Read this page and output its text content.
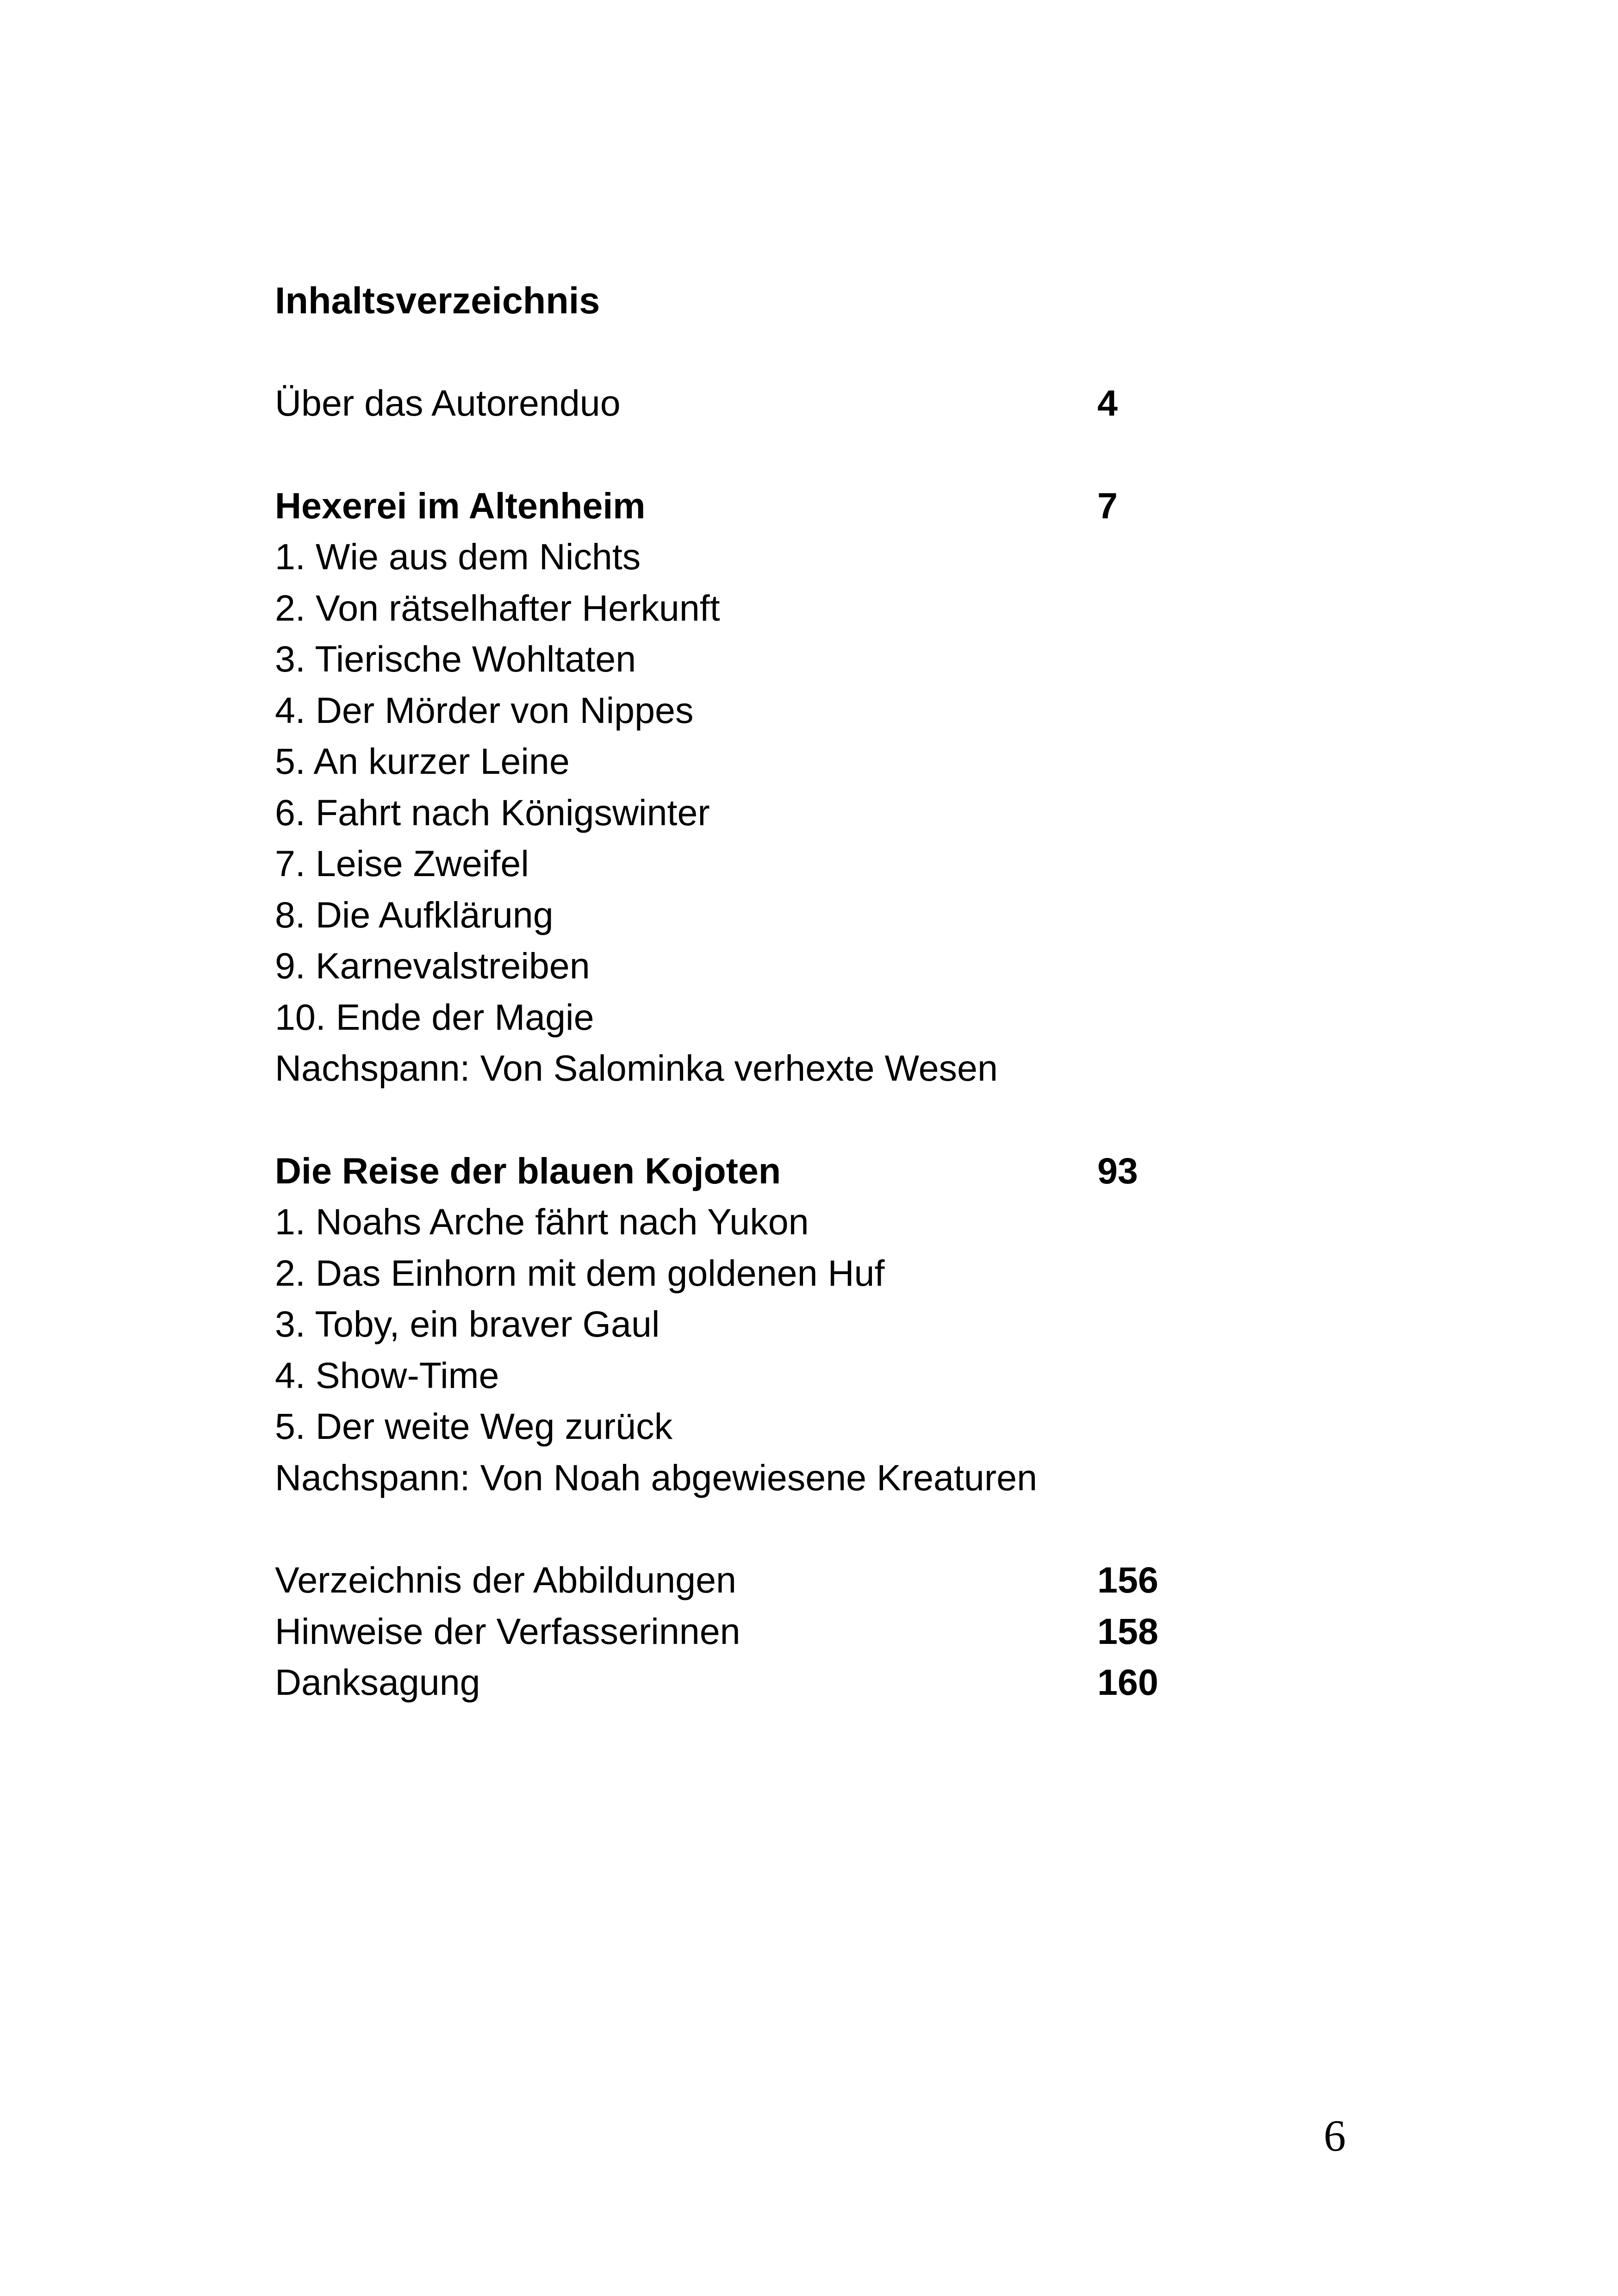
Inhaltsverzeichnis
Über das Autorenduo	4
Hexerei im Altenheim	7
1. Wie aus dem Nichts
2. Von rätselhafter Herkunft
3. Tierische Wohltaten
4. Der Mörder von Nippes
5. An kurzer Leine
6. Fahrt nach Königswinter
7. Leise Zweifel
8. Die Aufklärung
9. Karnevalstreiben
10. Ende der Magie
Nachspann: Von Salominka verhexte Wesen
Die Reise der blauen Kojoten	93
1. Noahs Arche fährt nach Yukon
2. Das Einhorn mit dem goldenen Huf
3. Toby, ein braver Gaul
4. Show-Time
5. Der weite Weg zurück
Nachspann: Von Noah abgewiesene Kreaturen
Verzeichnis der Abbildungen	156
Hinweise der Verfasserinnen	158
Danksagung	160
6
